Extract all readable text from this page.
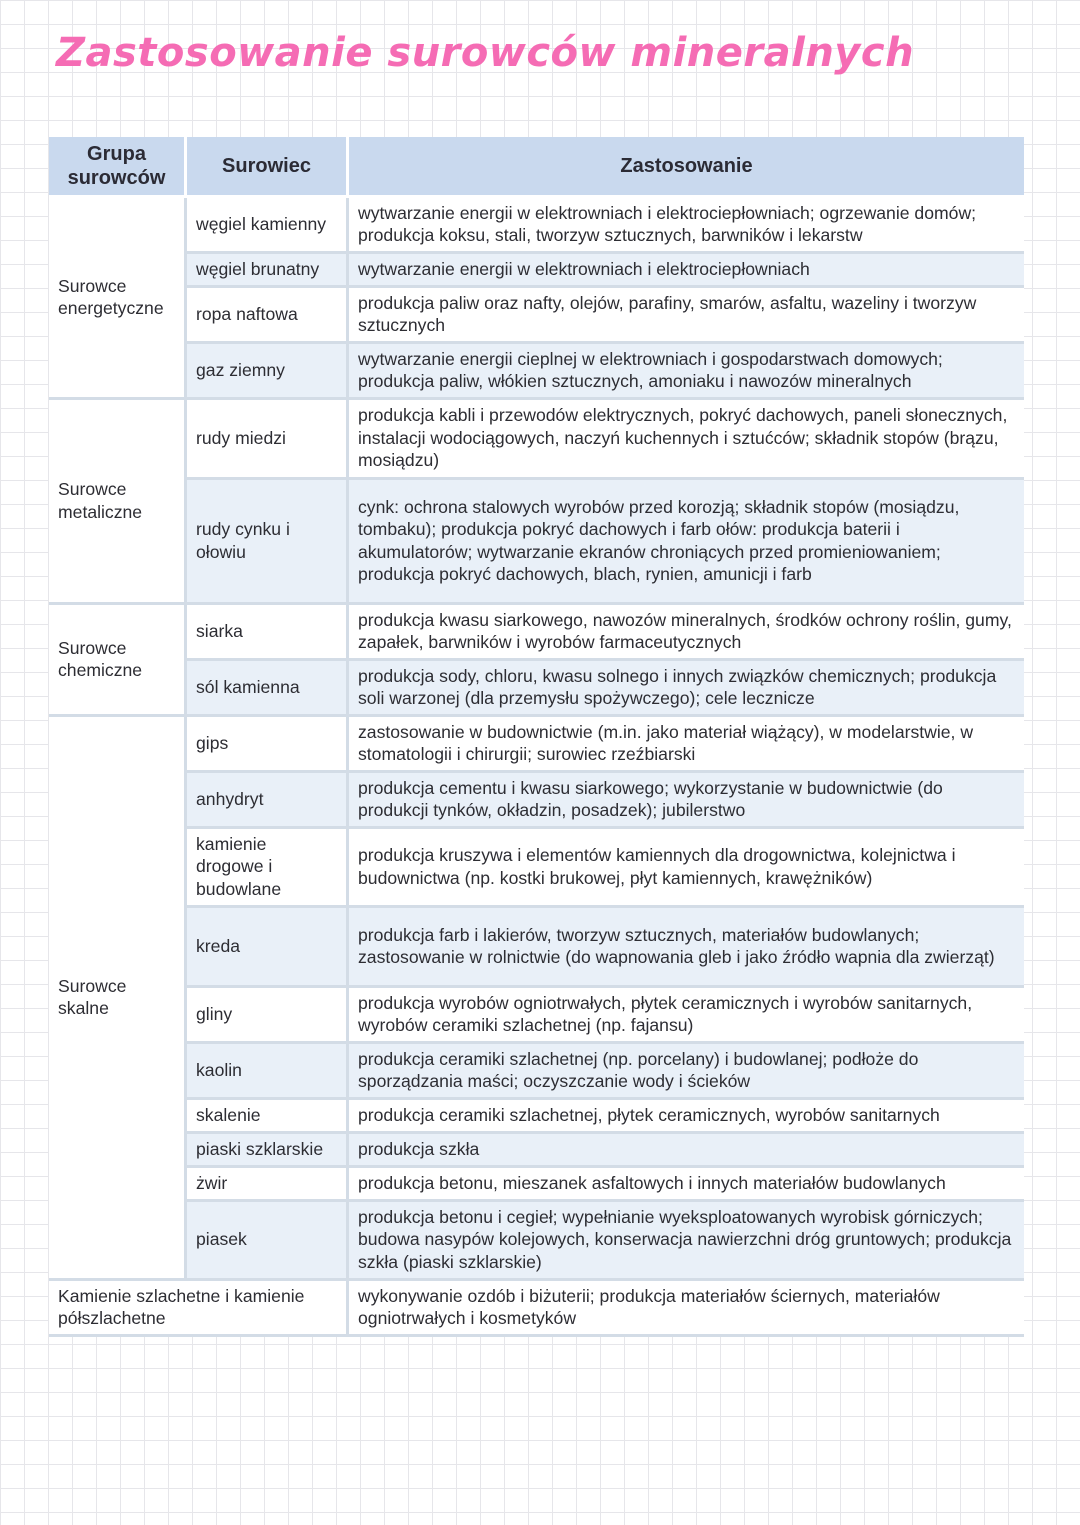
Zastosowanie surowców mineralnych
Grupa surowców	Surowiec	Zastosowanie
Surowce energetyczne	węgiel kamienny	wytwarzanie energii w elektrowniach i elektrociepłowniach; ogrzewanie domów; produkcja koksu, stali, tworzyw sztucznych, barwników i lekarstw
	węgiel brunatny	wytwarzanie energii w elektrowniach i elektrociepłowniach
	ropa naftowa	produkcja paliw oraz nafty, olejów, parafiny, smarów, asfaltu, wazeliny i tworzyw sztucznych
	gaz ziemny	wytwarzanie energii cieplnej w elektrowniach i gospodarstwach domowych; produkcja paliw, włókien sztucznych, amoniaku i nawozów mineralnych
Surowce metaliczne	rudy miedzi	produkcja kabli i przewodów elektrycznych, pokryć dachowych, paneli słonecznych, instalacji wodociągowych, naczyń kuchennych i sztućców; składnik stopów (brązu, mosiądzu)
	rudy cynku i ołowiu	cynk: ochrona stalowych wyrobów przed korozją; składnik stopów (mosiądzu, tombaku); produkcja pokryć dachowych i farb ołów: produkcja baterii i akumulatorów; wytwarzanie ekranów chroniących przed promieniowaniem; produkcja pokryć dachowych, blach, rynien, amunicji i farb
Surowce chemiczne	siarka	produkcja kwasu siarkowego, nawozów mineralnych, środków ochrony roślin, gumy, zapałek, barwników i wyrobów farmaceutycznych
	sól kamienna	produkcja sody, chloru, kwasu solnego i innych związków chemicznych; produkcja soli warzonej (dla przemysłu spożywczego); cele lecznicze
Surowce skalne	gips	zastosowanie w budownictwie (m.in. jako materiał wiążący), w modelarstwie, w stomatologii i chirurgii; surowiec rzeźbiarski
	anhydryt	produkcja cementu i kwasu siarkowego; wykorzystanie w budownictwie (do produkcji tynków, okładzin, posadzek); jubilerstwo
	kamienie drogowe i budowlane	produkcja kruszywa i elementów kamiennych dla drogownictwa, kolejnictwa i budownictwa (np. kostki brukowej, płyt kamiennych, krawężników)
	kreda	produkcja farb i lakierów, tworzyw sztucznych, materiałów budowlanych; zastosowanie w rolnictwie (do wapnowania gleb i jako źródło wapnia dla zwierząt)
	gliny	produkcja wyrobów ogniotrwałych, płytek ceramicznych i wyrobów sanitarnych, wyrobów ceramiki szlachetnej (np. fajansu)
	kaolin	produkcja ceramiki szlachetnej (np. porcelany) i budowlanej; podłoże do sporządzania maści; oczyszczanie wody i ścieków
	skalenie	produkcja ceramiki szlachetnej, płytek ceramicznych, wyrobów sanitarnych
	piaski szklarskie	produkcja szkła
	żwir	produkcja betonu, mieszanek asfaltowych i innych materiałów budowlanych
	piasek	produkcja betonu i cegieł; wypełnianie wyeksploatowanych wyrobisk górniczych; budowa nasypów kolejowych, konserwacja nawierzchni dróg gruntowych; produkcja szkła (piaski szklarskie)
Kamienie szlachetne i kamienie półszlachetne		wykonywanie ozdób i biżuterii; produkcja materiałów ściernych, materiałów ogniotrwałych i kosmetyków
